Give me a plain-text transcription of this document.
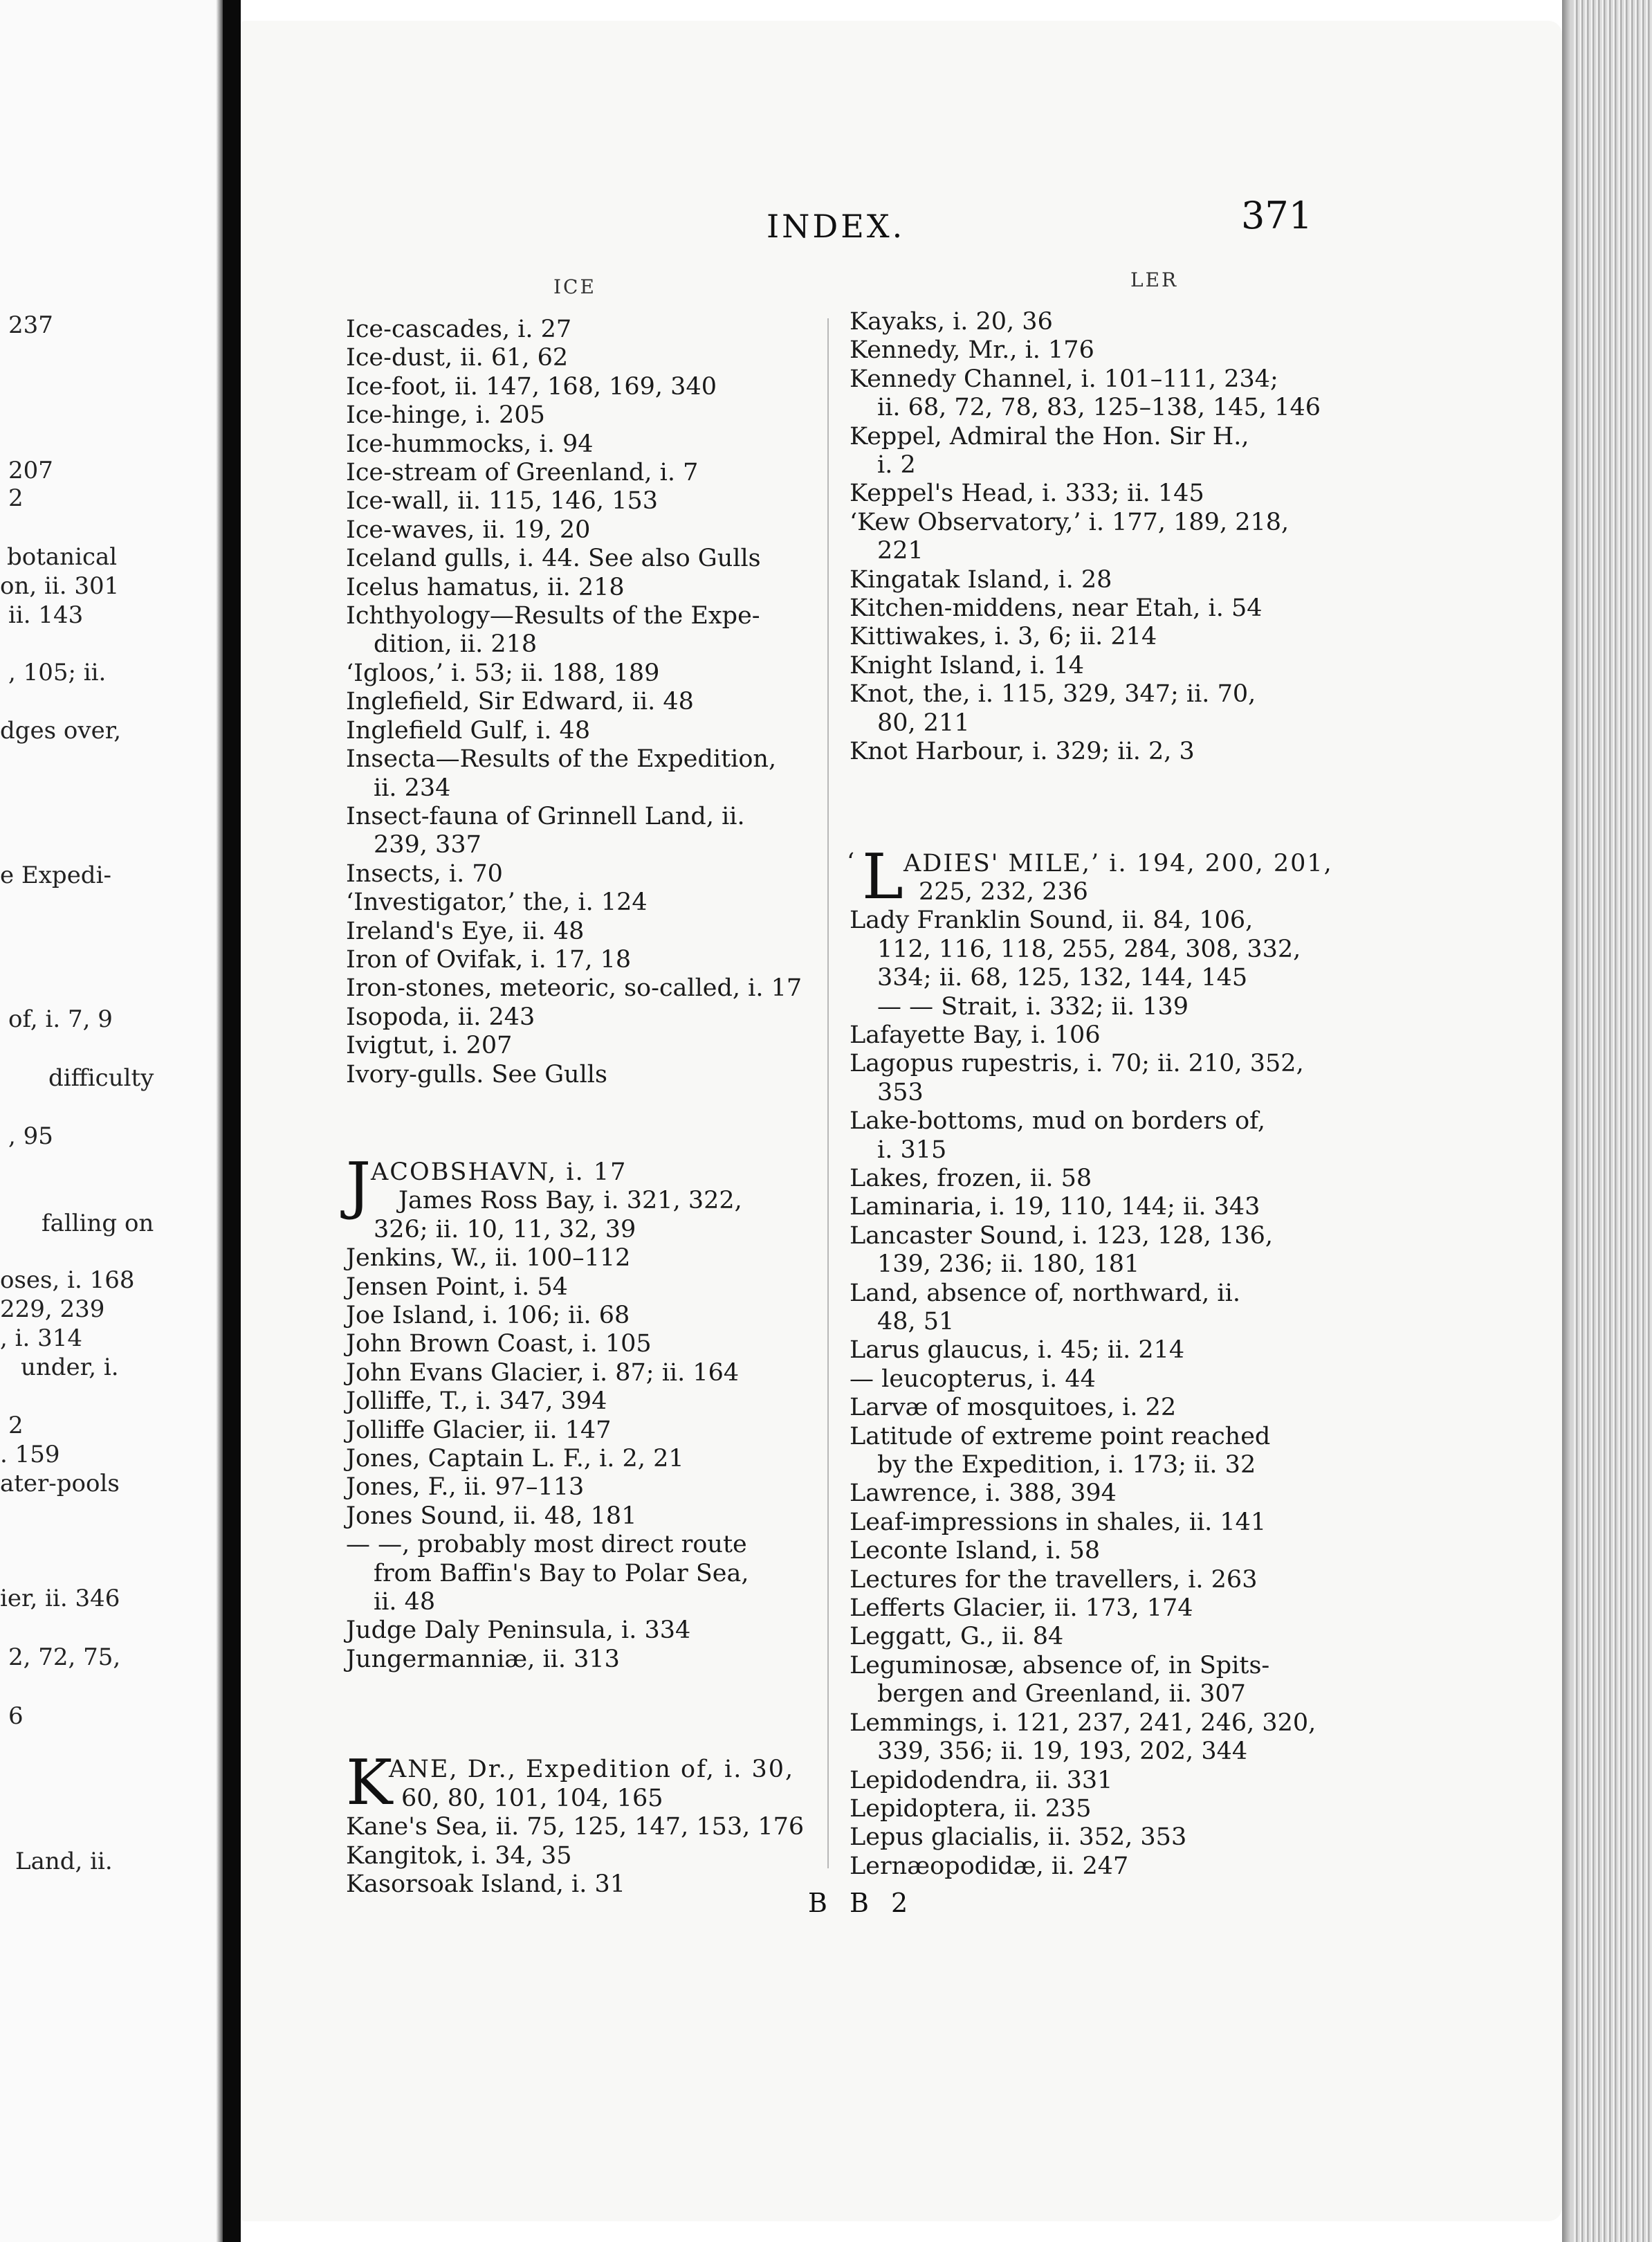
237
207
2
botanical
on, ii. 301
ii. 143
, 105; ii.
dges over,
e Expedi-
of, i. 7, 9
difficulty
, 95
falling on
oses, i. 168
229, 239
, i. 314
under, i.
2
. 159
ater-pools
ier, ii. 346
2, 72, 75,
6
Land, ii.
INDEX.	371
ICE	LER
Ice-cascades, i. 27
Ice-dust, ii. 61, 62
Ice-foot, ii. 147, 168, 169, 340
Ice-hinge, i. 205
Ice-hummocks, i. 94
Ice-stream of Greenland, i. 7
Ice-wall, ii. 115, 146, 153
Ice-waves, ii. 19, 20
Iceland gulls, i. 44. See also Gulls
Icelus hamatus, ii. 218
Ichthyology—Results of the Expe-
dition, ii. 218
‘Igloos,’ i. 53; ii. 188, 189
Inglefield, Sir Edward, ii. 48
Inglefield Gulf, i. 48
Insecta—Results of the Expedition,
ii. 234
Insect-fauna of Grinnell Land, ii.
239, 337
Insects, i. 70
‘Investigator,’ the, i. 124
Ireland's Eye, ii. 48
Iron of Ovifak, i. 17, 18
Iron-stones, meteoric, so-called, i. 17
Isopoda, ii. 243
Ivigtut, i. 207
Ivory-gulls. See Gulls
J ACOBSHAVN, i. 17
James Ross Bay, i. 321, 322,
326; ii. 10, 11, 32, 39
Jenkins, W., ii. 100–112
Jensen Point, i. 54
Joe Island, i. 106; ii. 68
John Brown Coast, i. 105
John Evans Glacier, i. 87; ii. 164
Jolliffe, T., i. 347, 394
Jolliffe Glacier, ii. 147
Jones, Captain L. F., i. 2, 21
Jones, F., ii. 97–113
Jones Sound, ii. 48, 181
— —, probably most direct route
from Baffin's Bay to Polar Sea,
ii. 48
Judge Daly Peninsula, i. 334
Jungermanniæ, ii. 313
K
ANE, Dr., Expedition of, i. 30,
60, 80, 101, 104, 165
Kane's Sea, ii. 75, 125, 147, 153, 176
Kangitok, i. 34, 35
Kasorsoak Island, i. 31
Kayaks, i. 20, 36
Kennedy, Mr., i. 176
Kennedy Channel, i. 101–111, 234;
ii. 68, 72, 78, 83, 125–138, 145, 146
Keppel, Admiral the Hon. Sir H.,
i. 2
Keppel's Head, i. 333; ii. 145
‘Kew Observatory,’ i. 177, 189, 218,
221
Kingatak Island, i. 28
Kitchen-middens, near Etah, i. 54
Kittiwakes, i. 3, 6; ii. 214
Knight Island, i. 14
Knot, the, i. 115, 329, 347; ii. 70,
80, 211
Knot Harbour, i. 329; ii. 2, 3
‘ L ADIES' MILE,’ i. 194, 200, 201,
225, 232, 236
Lady Franklin Sound, ii. 84, 106,
112, 116, 118, 255, 284, 308, 332,
334; ii. 68, 125, 132, 144, 145
— — Strait, i. 332; ii. 139
Lafayette Bay, i. 106
Lagopus rupestris, i. 70; ii. 210, 352,
353
Lake-bottoms, mud on borders of,
i. 315
Lakes, frozen, ii. 58
Laminaria, i. 19, 110, 144; ii. 343
Lancaster Sound, i. 123, 128, 136,
139, 236; ii. 180, 181
Land, absence of, northward, ii.
48, 51
Larus glaucus, i. 45; ii. 214
— leucopterus, i. 44
Larvæ of mosquitoes, i. 22
Latitude of extreme point reached
by the Expedition, i. 173; ii. 32
Lawrence, i. 388, 394
Leaf-impressions in shales, ii. 141
Leconte Island, i. 58
Lectures for the travellers, i. 263
Lefferts Glacier, ii. 173, 174
Leggatt, G., ii. 84
Leguminosæ, absence of, in Spits-
bergen and Greenland, ii. 307
Lemmings, i. 121, 237, 241, 246, 320,
339, 356; ii. 19, 193, 202, 344
Lepidodendra, ii. 331
Lepidoptera, ii. 235
Lepus glacialis, ii. 352, 353
Lernæopodidæ, ii. 247
B B 2
